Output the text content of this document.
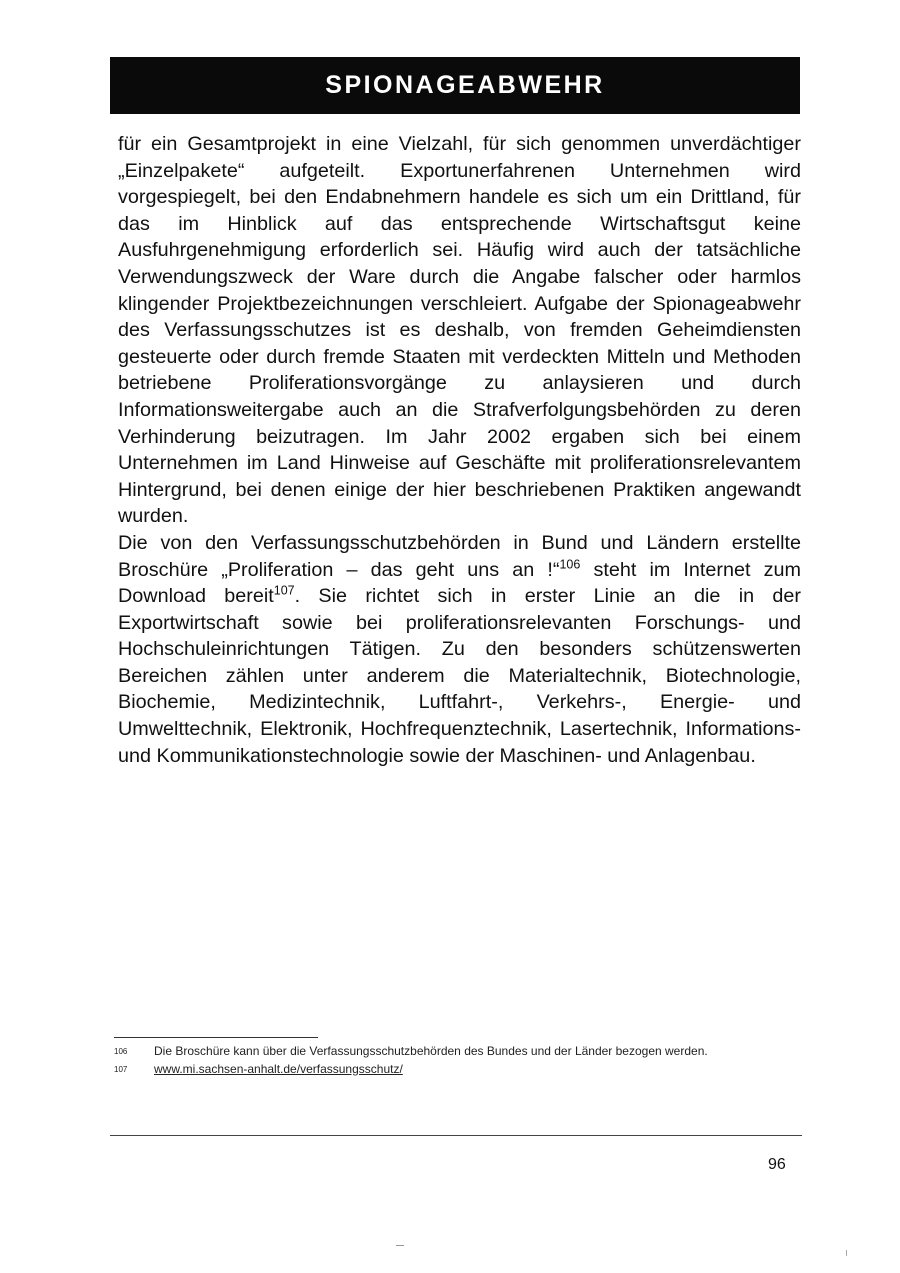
SPIONAGEABWEHR

für ein Gesamtprojekt in eine Vielzahl, für sich genommen unverdächtiger „Einzelpakete“ aufgeteilt. Exportunerfahrenen Unternehmen wird vorgespiegelt, bei den Endabnehmern handele es sich um ein Drittland, für das im Hinblick auf das entsprechende Wirtschaftsgut keine Ausfuhrgenehmigung erforderlich sei. Häufig wird auch der tatsächliche Verwendungszweck der Ware durch die Angabe falscher oder harmlos klingender Projektbezeichnungen verschleiert. Aufgabe der Spionageabwehr des Verfassungsschutzes ist es deshalb, von fremden Geheimdiensten gesteuerte oder durch fremde Staaten mit verdeckten Mitteln und Methoden betriebene Proliferationsvorgänge zu anlaysieren und durch Informationsweitergabe auch an die Strafverfolgungsbehörden zu deren Verhinderung beizutragen. Im Jahr 2002 ergaben sich bei einem Unternehmen im Land Hinweise auf Geschäfte mit proliferationsrelevantem Hintergrund, bei denen einige der hier beschriebenen Praktiken angewandt wurden.

Die von den Verfassungsschutzbehörden in Bund und Ländern erstellte Broschüre „Proliferation – das geht uns an !“$^{106}$ steht im Internet zum Download bereit$^{107}$. Sie richtet sich in erster Linie an die in der Exportwirtschaft sowie bei proliferationsrelevanten Forschungs- und Hochschuleinrichtungen Tätigen. Zu den besonders schützenswerten Bereichen zählen unter anderem die Materialtechnik, Biotechnologie, Biochemie, Medizintechnik, Luftfahrt-, Verkehrs-, Energie- und Umwelttechnik, Elektronik, Hochfrequenztechnik, Lasertechnik, Informations- und Kommunikationstechnologie sowie der Maschinen- und Anlagenbau.

106	Die Broschüre kann über die Verfassungsschutzbehörden des Bundes und der Länder bezogen werden.
107	www.mi.sachsen-anhalt.de/verfassungsschutz/
96
